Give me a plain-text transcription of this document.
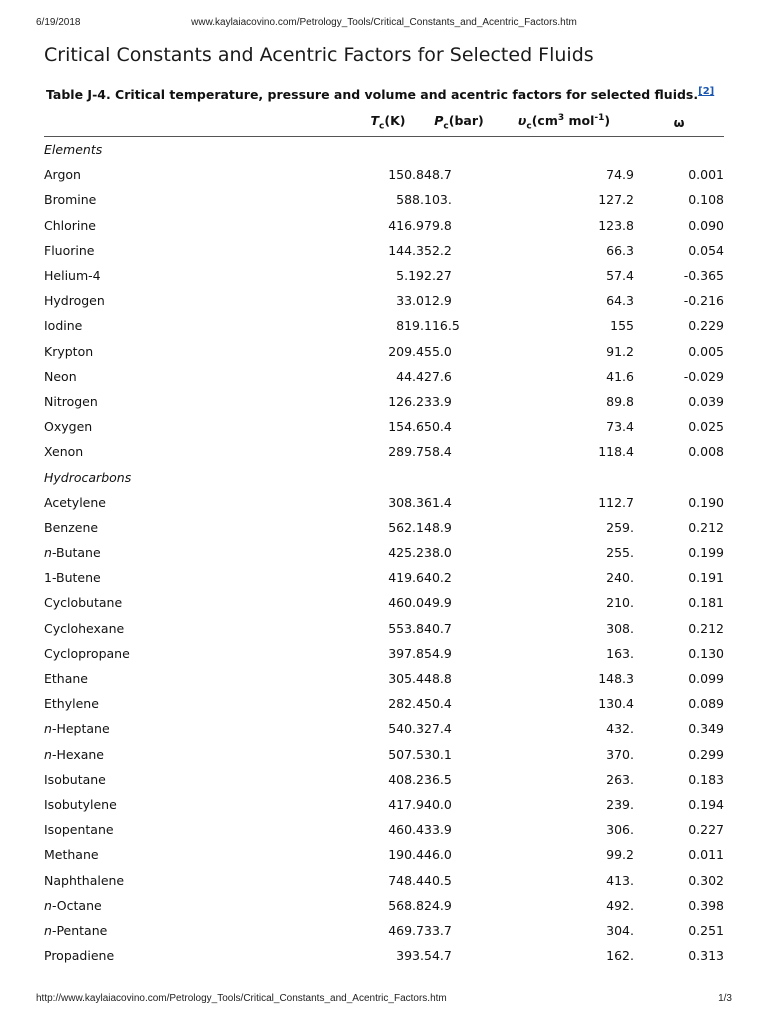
6/19/2018	www.kaylaiacovino.com/Petrology_Tools/Critical_Constants_and_Acentric_Factors.htm
Critical Constants and Acentric Factors for Selected Fluids

Table J-4. Critical temperature, pressure and volume and acentric factors for selected fluids.[2]

	$T_c(K)$	$P_c(bar)$	$\upsilon_c(cm^3$ mol$^{-1}$)	ω
Elements				
Argon	150.8	48.7	74.9	0.001
Bromine	588.	103.	127.2	0.108
Chlorine	416.9	79.8	123.8	0.090
Fluorine	144.3	52.2	66.3	0.054
Helium-4	5.19	2.27	57.4	-0.365
Hydrogen	33.0	12.9	64.3	-0.216
Iodine	819.	116.5	155	0.229
Krypton	209.4	55.0	91.2	0.005
Neon	44.4	27.6	41.6	-0.029
Nitrogen	126.2	33.9	89.8	0.039
Oxygen	154.6	50.4	73.4	0.025
Xenon	289.7	58.4	118.4	0.008
Hydrocarbons				
Acetylene	308.3	61.4	112.7	0.190
Benzene	562.1	48.9	259.	0.212
n-Butane	425.2	38.0	255.	0.199
1-Butene	419.6	40.2	240.	0.191
Cyclobutane	460.0	49.9	210.	0.181
Cyclohexane	553.8	40.7	308.	0.212
Cyclopropane	397.8	54.9	163.	0.130
Ethane	305.4	48.8	148.3	0.099
Ethylene	282.4	50.4	130.4	0.089
n-Heptane	540.3	27.4	432.	0.349
n-Hexane	507.5	30.1	370.	0.299
Isobutane	408.2	36.5	263.	0.183
Isobutylene	417.9	40.0	239.	0.194
Isopentane	460.4	33.9	306.	0.227
Methane	190.4	46.0	99.2	0.011
Naphthalene	748.4	40.5	413.	0.302
n-Octane	568.8	24.9	492.	0.398
n-Pentane	469.7	33.7	304.	0.251
Propadiene	393.	54.7	162.	0.313
http://www.kaylaiacovino.com/Petrology_Tools/Critical_Constants_and_Acentric_Factors.htm	1/3
